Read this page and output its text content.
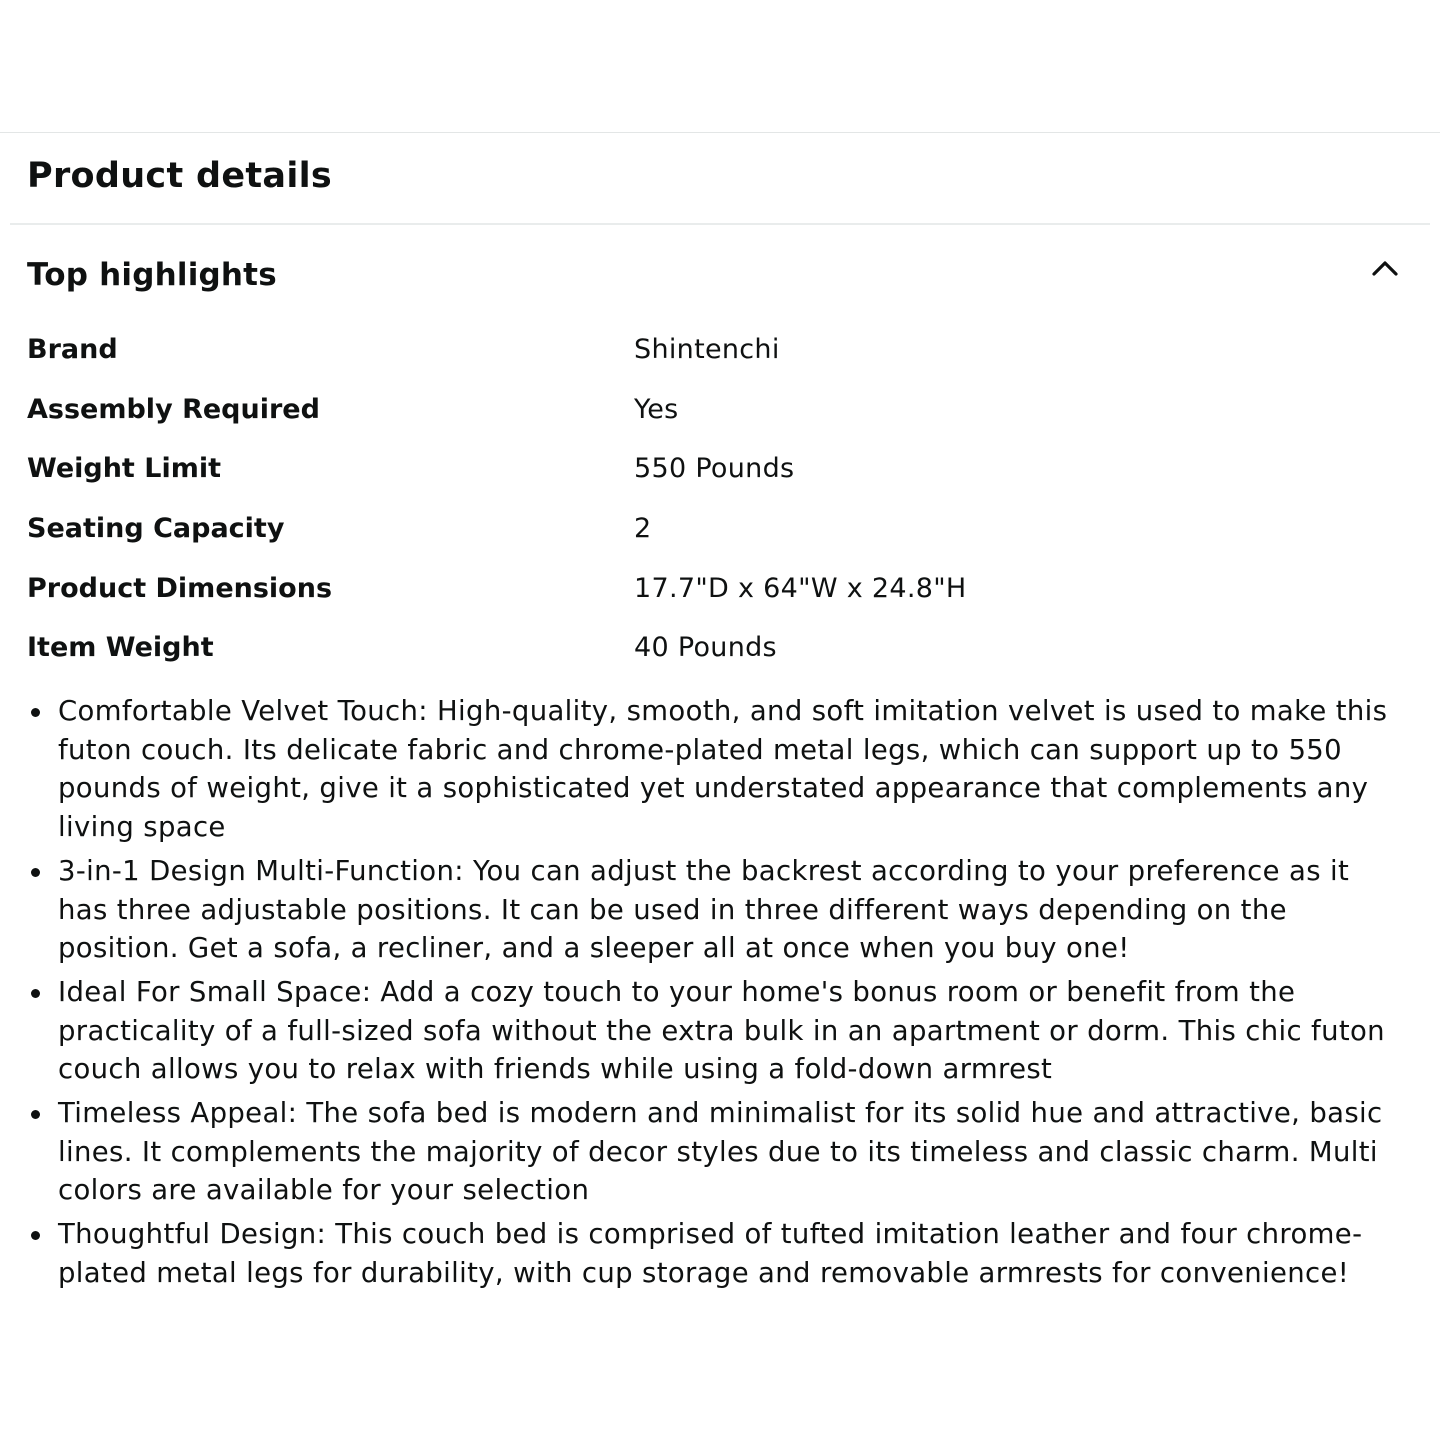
Product details
Top highlights
Brand	Shintenchi
Assembly Required	Yes
Weight Limit	550 Pounds
Seating Capacity	2
Product Dimensions	17.7"D x 64"W x 24.8"H
Item Weight	40 Pounds
Comfortable Velvet Touch: High-quality, smooth, and soft imitation velvet is used to make this futon couch. Its delicate fabric and chrome-plated metal legs, which can support up to 550 pounds of weight, give it a sophisticated yet understated appearance that complements any living space
3-in-1 Design Multi-Function: You can adjust the backrest according to your preference as it has three adjustable positions. It can be used in three different ways depending on the position. Get a sofa, a recliner, and a sleeper all at once when you buy one!
Ideal For Small Space: Add a cozy touch to your home's bonus room or benefit from the practicality of a full-sized sofa without the extra bulk in an apartment or dorm. This chic futon couch allows you to relax with friends while using a fold-down armrest
Timeless Appeal: The sofa bed is modern and minimalist for its solid hue and attractive, basic lines. It complements the majority of decor styles due to its timeless and classic charm. Multi colors are available for your selection
Thoughtful Design: This couch bed is comprised of tufted imitation leather and four chrome-plated metal legs for durability, with cup storage and removable armrests for convenience!
